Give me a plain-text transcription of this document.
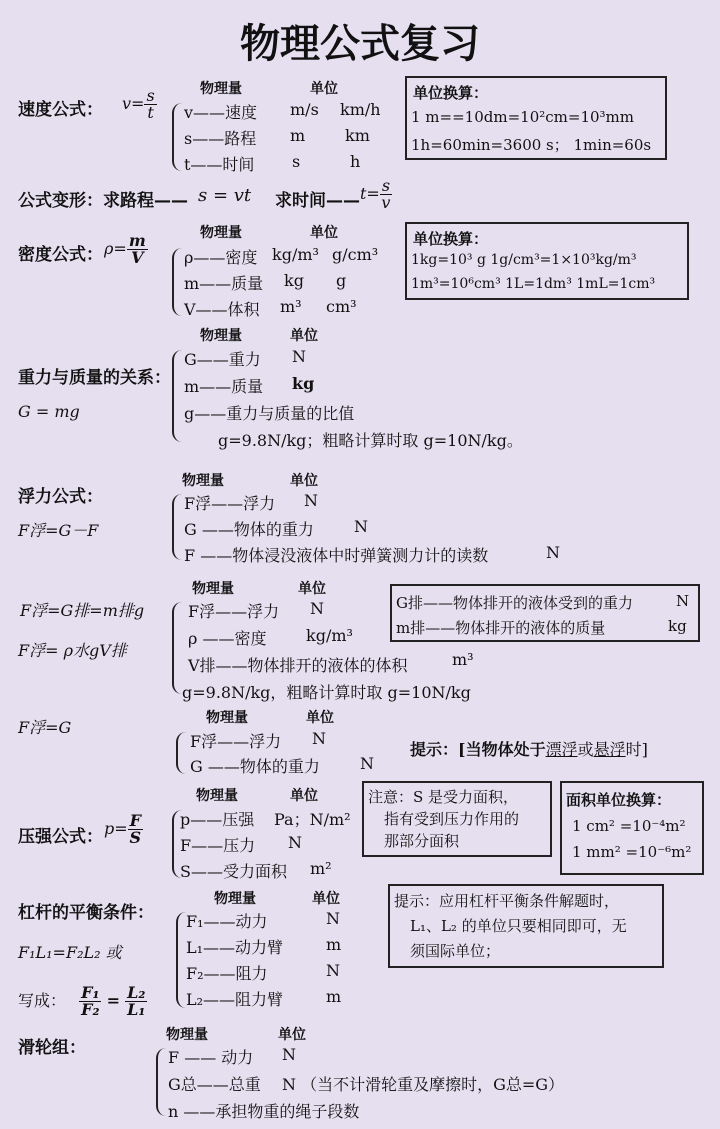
物理公式复习
速度公式： $v= \frac{s}{t}$	物理量	单位
v——速度 m/s km/h
s——路程 m km
t——时间 s	h
单位换算：
1 m==10dm=10²cm=10³mm
1h=60min=3600 s； 1min=60s
公式变形：求路程—— s = vt 求时间—— $t= \frac{s}{v}$
密度公式： $\rho= \frac{m}{V}$	物理量	单位
ρ——密度 kg/m³ g/cm³
m——质量 kg g
V——体积 m³ cm³
单位换算：
1kg=10³ g 1g/cm³=1×10³kg/m³
1m³=10⁶cm³ 1L=1dm³ 1mL=1cm³
物理量	单位
重力与质量的关系：
G = mg
G——重力 N
m——质量 kg
g——重力与质量的比值
g=9.8N/kg；粗略计算时取 g=10N/kg。
物理量	单位
浮力公式：
F浮=G－F
F浮——浮力 N
G ——物体的重力	N
F ——物体浸没液体中时弹簧测力计的读数	N
物理量	单位
F浮=G排=m排g
F浮= ρ水gV排
F浮——浮力 N
ρ ——密度 kg/m³
V排——物体排开的液体的体积	m³
g=9.8N/kg，粗略计算时取 g=10N/kg
G排——物体排开的液体受到的重力	N
m排——物体排开的液体的质量	kg
物理量	单位
F浮=G
F浮——浮力 N
G ——物体的重力	N
提示：[当物体处于漂浮或悬浮时]
物理量	单位
压强公式： $p= \frac{F}{S}$ p——压强 Pa；N/m²
F——压力 N
S——受力面积 m²
注意：S 是受力面积，
指有受到压力作用的
那部分面积
面积单位换算：
1 cm² =10⁻⁴m²
1 mm² =10⁻⁶m²
物理量	单位
杠杆的平衡条件：
F₁L₁=F₂L₂ 或
写成： $\frac{\text{F₁}}{\text{F₂}} = \frac{\text{L₂}}{\text{L₁}}$
F₁——动力	N
L₁——动力臂	m
F₂——阻力	N
L₂——阻力臂	m
提示：应用杠杆平衡条件解题时，
L₁、L₂ 的单位只要相同即可，无
须国际单位；
物理量	单位
滑轮组：	F —— 动力 N
G总——总重 N （当不计滑轮重及摩擦时，G总=G）
n ——承担物重的绳子段数
